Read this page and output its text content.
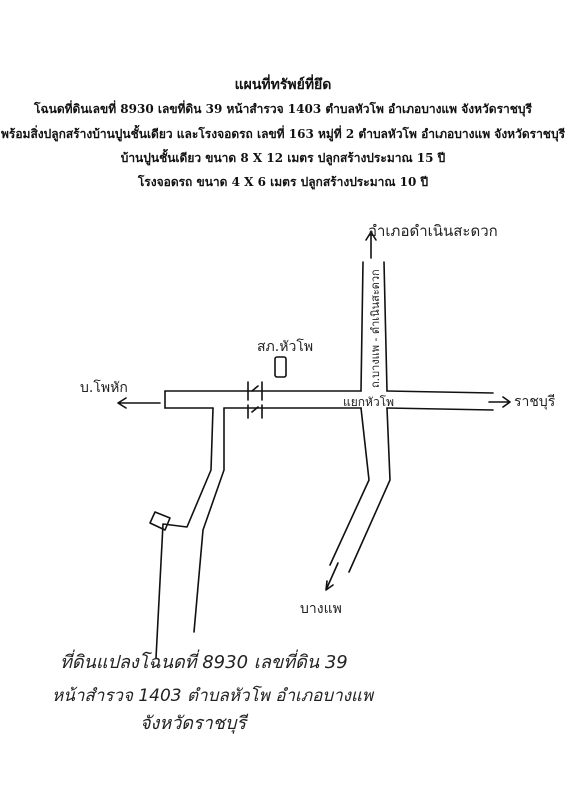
แผนที่ทรัพย์ที่ยึด
โฉนดที่ดินเลขที่ 8930 เลขที่ดิน 39 หน้าสำรวจ 1403 ตำบลหัวโพ อำเภอบางแพ จังหวัดราชบุรี
พร้อมสิ่งปลูกสร้างบ้านปูนชั้นเดียว และโรงจอดรถ เลขที่ 163 หมู่ที่ 2 ตำบลหัวโพ อำเภอบางแพ จังหวัดราชบุรี
บ้านปูนชั้นเดียว ขนาด 8 X 12 เมตร ปลูกสร้างประมาณ 15 ปี
โรงจอดรถ ขนาด 4 X 6 เมตร ปลูกสร้างประมาณ 10 ปี
อำเภอดำเนินสะดวก
ถ.บางแพ - ดำเนินสะดวก
บ.โพหัก
ราชบุรี
แยกหัวโพ
สภ.หัวโพ
บางแพ
ที่ดินแปลงโฉนดที่ 8930 เลขที่ดิน 39
หน้าสำรวจ 1403 ตำบลหัวโพ อำเภอบางแพ
จังหวัดราชบุรี
